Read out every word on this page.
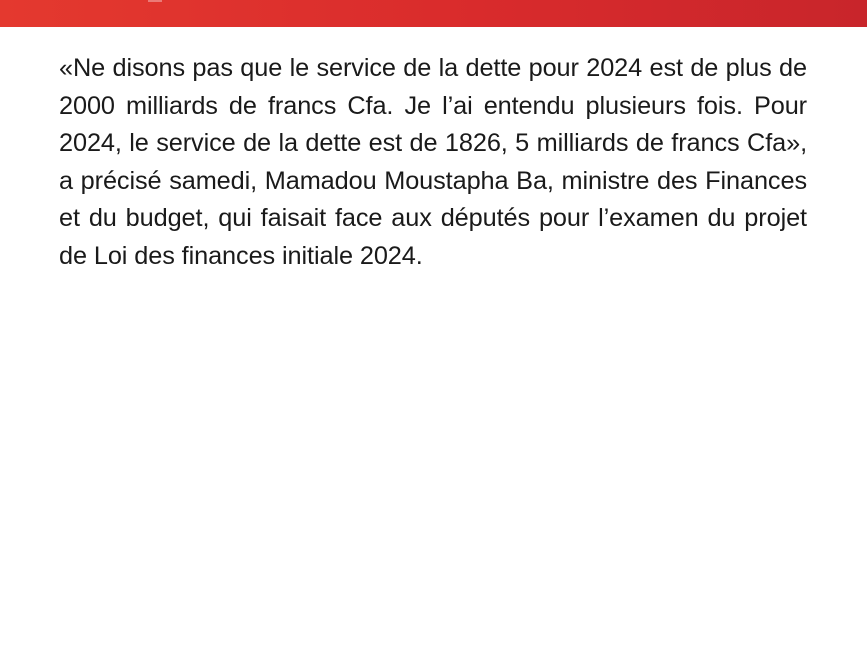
«Ne disons pas que le service de la dette pour 2024 est de plus de 2000 milliards de francs Cfa. Je l’ai entendu plusieurs fois. Pour 2024, le service de la dette est de 1826, 5 milliards de francs Cfa», a précisé samedi, Mamadou Moustapha Ba, ministre des Finances et du budget, qui faisait face aux députés pour l’examen du projet de Loi des finances initiale 2024.
